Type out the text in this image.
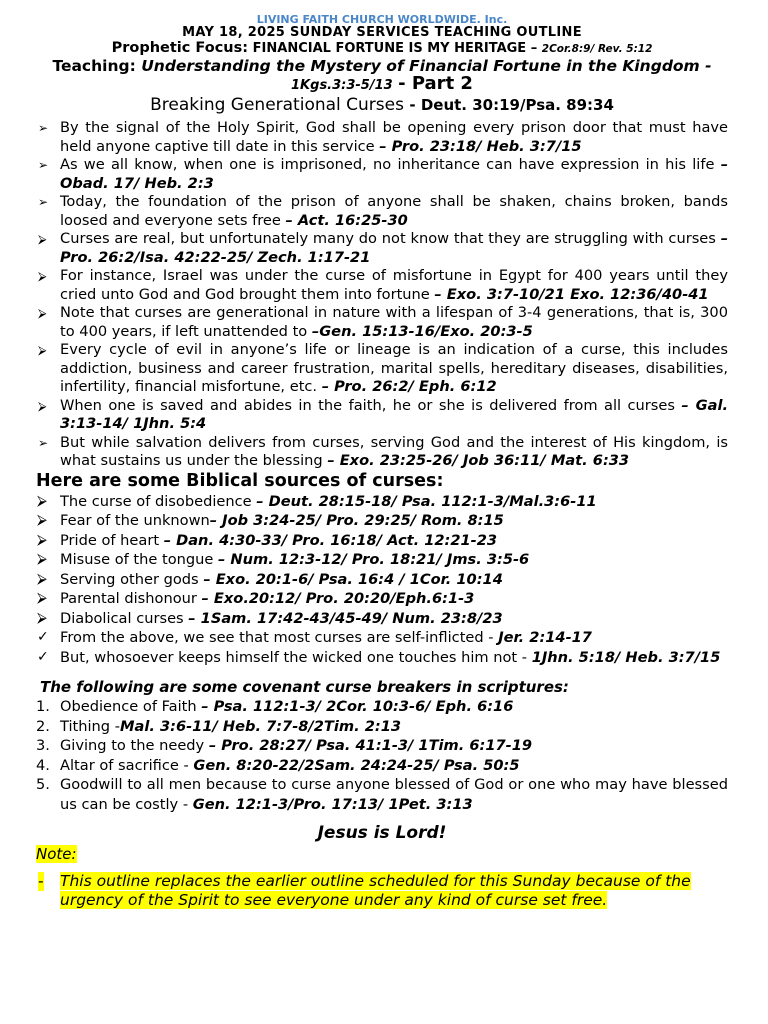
LIVING FAITH CHURCH WORLDWIDE. Inc.
MAY 18, 2025 SUNDAY SERVICES TEACHING OUTLINE
Prophetic Focus: FINANCIAL FORTUNE IS MY HERITAGE – 2Cor.8:9/ Rev. 5:12
Teaching: Understanding the Mystery of Financial Fortune in the Kingdom - 1Kgs.3:3-5/13 - Part 2
Breaking Generational Curses - Deut. 30:19/Psa. 89:34
➢ By the signal of the Holy Spirit, God shall be opening every prison door that must have held anyone captive till date in this service – Pro. 23:18/ Heb. 3:7/15
➢ As we all know, when one is imprisoned, no inheritance can have expression in his life – Obad. 17/ Heb. 2:3
➢ Today, the foundation of the prison of anyone shall be shaken, chains broken, bands loosed and everyone sets free – Act. 16:25-30
⮚ Curses are real, but unfortunately many do not know that they are struggling with curses – Pro. 26:2/Isa. 42:22-25/ Zech. 1:17-21
⮚ For instance, Israel was under the curse of misfortune in Egypt for 400 years until they cried unto God and God brought them into fortune – Exo. 3:7-10/21 Exo. 12:36/40-41
⮚ Note that curses are generational in nature with a lifespan of 3-4 generations, that is, 300 to 400 years, if left unattended to –Gen. 15:13-16/Exo. 20:3-5
⮚ Every cycle of evil in anyone’s life or lineage is an indication of a curse, this includes addiction, business and career frustration, marital spells, hereditary diseases, disabilities, infertility, financial misfortune, etc. – Pro. 26:2/ Eph. 6:12
⮚ When one is saved and abides in the faith, he or she is delivered from all curses – Gal. 3:13-14/ 1Jhn. 5:4
➢ But while salvation delivers from curses, serving God and the interest of His kingdom, is what sustains us under the blessing – Exo. 23:25-26/ Job 36:11/ Mat. 6:33
Here are some Biblical sources of curses:
⮚ The curse of disobedience – Deut. 28:15-18/ Psa. 112:1-3/Mal.3:6-11
⮚ Fear of the unknown– Job 3:24-25/ Pro. 29:25/ Rom. 8:15
⮚ Pride of heart – Dan. 4:30-33/ Pro. 16:18/ Act. 12:21-23
⮚ Misuse of the tongue – Num. 12:3-12/ Pro. 18:21/ Jms. 3:5-6
⮚ Serving other gods – Exo. 20:1-6/ Psa. 16:4 / 1Cor. 10:14
⮚ Parental dishonour – Exo.20:12/ Pro. 20:20/Eph.6:1-3
⮚ Diabolical curses – 1Sam. 17:42-43/45-49/ Num. 23:8/23
✓ From the above, we see that most curses are self-inflicted - Jer. 2:14-17
✓ But, whosoever keeps himself the wicked one touches him not - 1Jhn. 5:18/ Heb. 3:7/15
The following are some covenant curse breakers in scriptures:
1. Obedience of Faith – Psa. 112:1-3/ 2Cor. 10:3-6/ Eph. 6:16
2. Tithing -Mal. 3:6-11/ Heb. 7:7-8/2Tim. 2:13
3. Giving to the needy – Pro. 28:27/ Psa. 41:1-3/ 1Tim. 6:17-19
4. Altar of sacrifice - Gen. 8:20-22/2Sam. 24:24-25/ Psa. 50:5
5. Goodwill to all men because to curse anyone blessed of God or one who may have blessed us can be costly - Gen. 12:1-3/Pro. 17:13/ 1Pet. 3:13
Jesus is Lord!
Note:
- This outline replaces the earlier outline scheduled for this Sunday because of the urgency of the Spirit to see everyone under any kind of curse set free.
